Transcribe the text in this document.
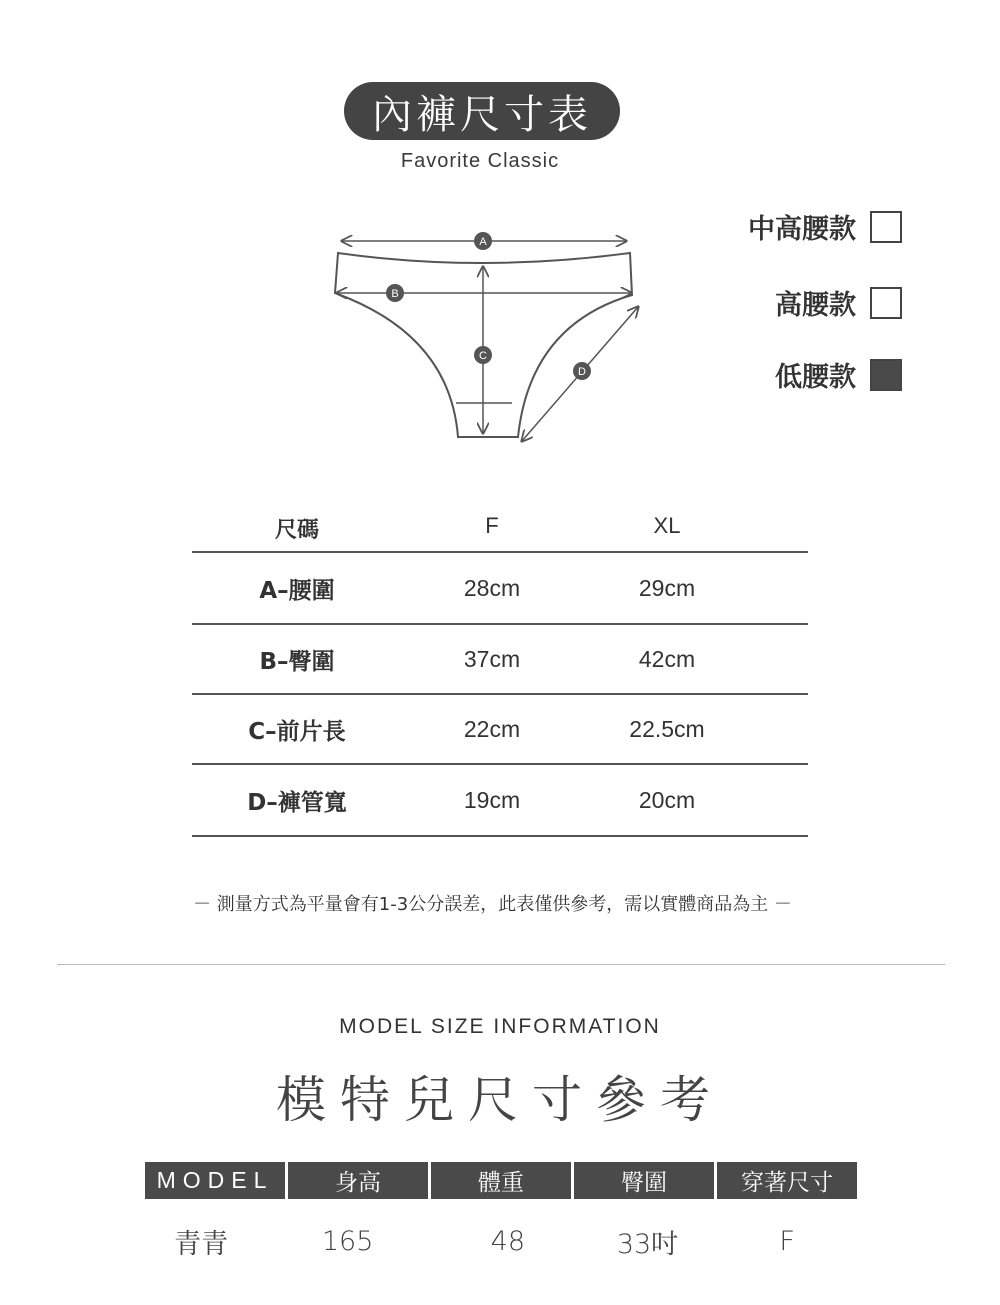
內褲尺寸表
Favorite Classic
A
B
C
D
中高腰款
高腰款
低腰款
尺碼	F	XL
A–腰圍	28cm	29cm
B–臀圍	37cm	42cm
C–前片長	22cm	22.5cm
D–褲管寬	19cm	20cm
－ 測量方式為平量會有1-3公分誤差，此表僅供參考，需以實體商品為主 －
MODEL SIZE INFORMATION
模特兒尺寸參考
MODEL	身高	體重	臀圍	穿著尺寸
青青	165	48	33吋	F
